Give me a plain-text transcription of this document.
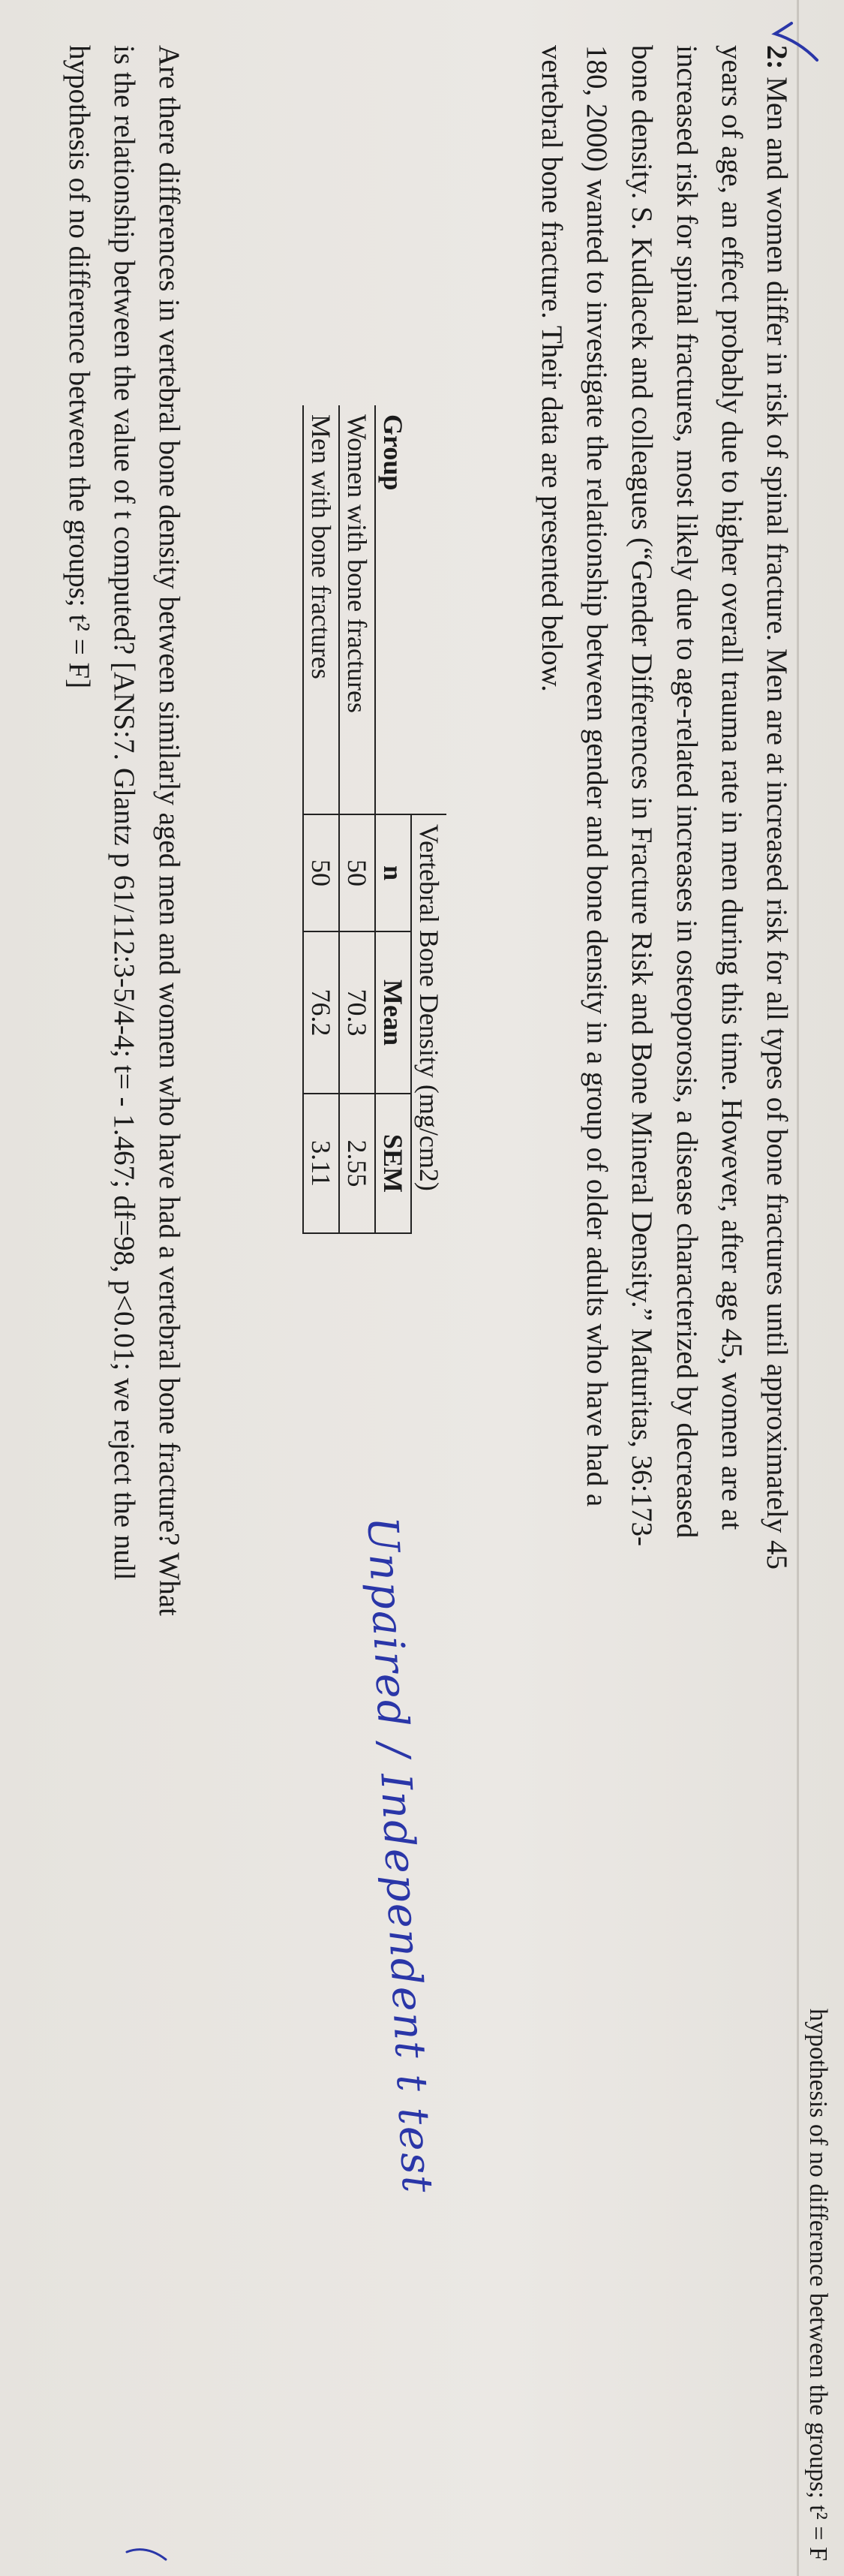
hypothesis of no difference between the groups; t² = F
2: Men and women differ in risk of spinal fracture. Men are at increased risk for all types of bone fractures until approximately 45
years of age, an effect probably due to higher overall trauma rate in men during this time. However, after age 45, women are at
increased risk for spinal fractures, most likely due to age-related increases in osteoporosis, a disease characterized by decreased
bone density. S. Kudlacek and colleagues (“Gender Differences in Fracture Risk and Bone Mineral Density.” Maturitas, 36:173-
180, 2000) wanted to investigate the relationship between gender and bone density in a group of older adults who have had a
vertebral bone fracture. Their data are presented below.
	Vertebral Bone Density (mg/cm2)		
Group	n	Mean	SEM
Women with bone fractures	50	70.3	2.55
Men with bone fractures	50	76.2	3.11
Unpaired / Independent t test
Are there differences in vertebral bone density between similarly aged men and women who have had a vertebral bone fracture? What
is the relationship between the value of t computed? [ANS:7. Glantz p 61/112:3-5/4-4; t= - 1.467; df=98, p<0.01; we reject the null
hypothesis of no difference between the groups; t² = F]
